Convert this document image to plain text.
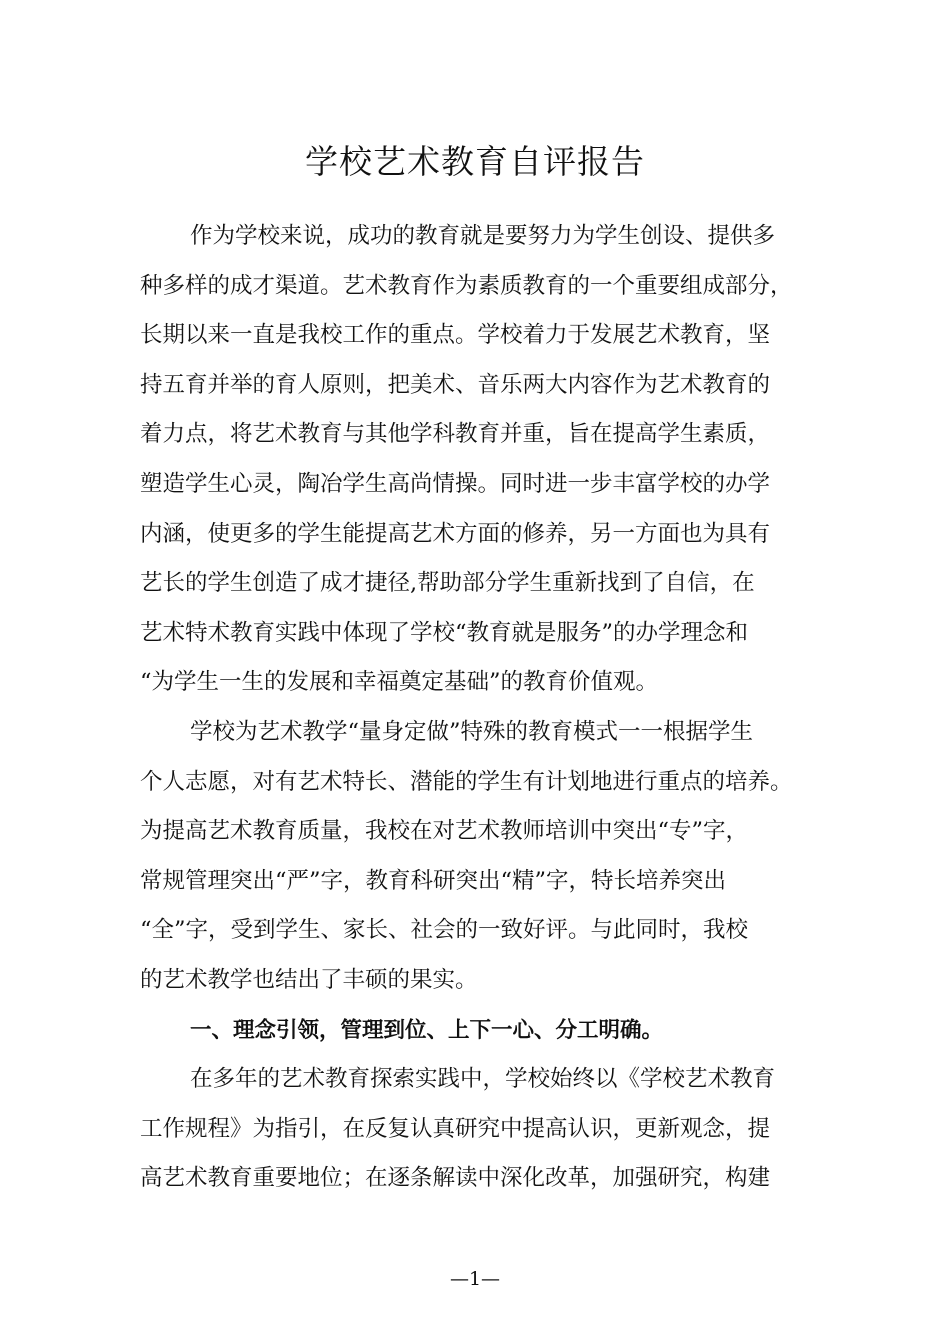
学校艺术教育自评报告
作为学校来说，成功的教育就是要努力为学生创设、提供多
种多样的成才渠道。艺术教育作为素质教育的一个重要组成部分，
长期以来一直是我校工作的重点。学校着力于发展艺术教育，坚
持五育并举的育人原则，把美术、音乐两大内容作为艺术教育的
着力点，将艺术教育与其他学科教育并重，旨在提高学生素质，
塑造学生心灵，陶冶学生高尚情操。同时进一步丰富学校的办学
内涵，使更多的学生能提高艺术方面的修养，另一方面也为具有
艺长的学生创造了成才捷径,帮助部分学生重新找到了自信，在
艺术特术教育实践中体现了学校“教育就是服务”的办学理念和
“为学生一生的发展和幸福奠定基础”的教育价值观。
学校为艺术教学“量身定做”特殊的教育模式一一根据学生
个人志愿，对有艺术特长、潜能的学生有计划地进行重点的培养。
为提高艺术教育质量，我校在对艺术教师培训中突出“专”字，
常规管理突出“严”字，教育科研突出“精”字，特长培养突出
“全”字，受到学生、家长、社会的一致好评。与此同时，我校
的艺术教学也结出了丰硕的果实。
一、理念引领，管理到位、上下一心、分工明确。
在多年的艺术教育探索实践中，学校始终以《学校艺术教育
工作规程》为指引，在反复认真研究中提高认识，更新观念，提
高艺术教育重要地位；在逐条解读中深化改革，加强研究，构建
—1—
